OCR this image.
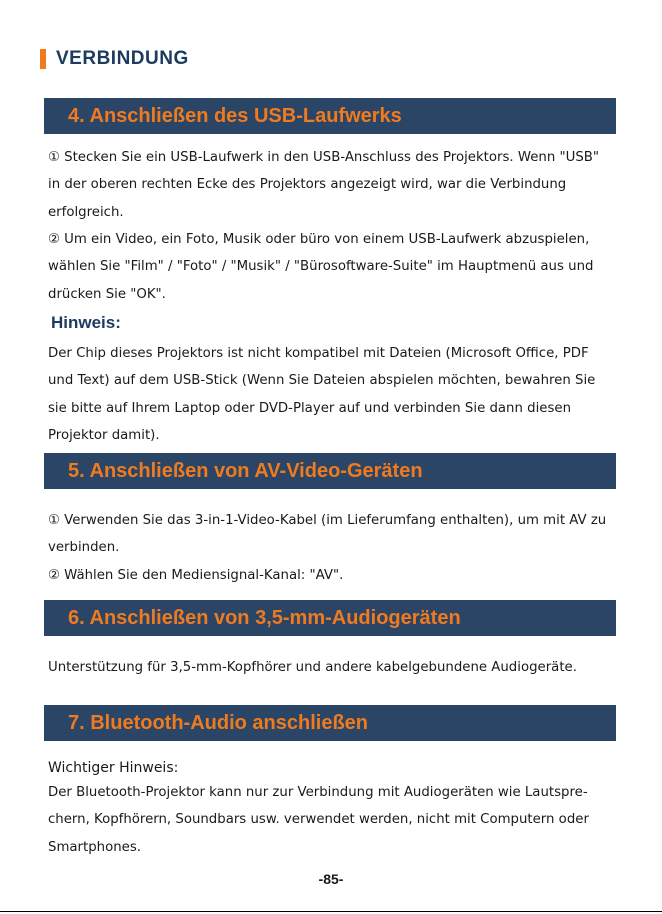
VERBINDUNG
4. Anschließen des USB-Laufwerks

① Stecken Sie ein USB-Laufwerk in den USB-Anschluss des Projektors. Wenn "USB"

in der oberen rechten Ecke des Projektors angezeigt wird, war die Verbindung

erfolgreich.

② Um ein Video, ein Foto, Musik oder büro von einem USB-Laufwerk abzuspielen,

wählen Sie "Film" / "Foto" / "Musik" / "Bürosoftware-Suite" im Hauptmenü aus und

drücken Sie "OK".

Hinweis:

Der Chip dieses Projektors ist nicht kompatibel mit Dateien (Microsoft Office, PDF

und Text) auf dem USB-Stick (Wenn Sie Dateien abspielen möchten, bewahren Sie

sie bitte auf Ihrem Laptop oder DVD-Player auf und verbinden Sie dann diesen

Projektor damit).

5. Anschließen von AV-Video-Geräten

① Verwenden Sie das 3-in-1-Video-Kabel (im Lieferumfang enthalten), um mit AV zu

verbinden.

② Wählen Sie den Mediensignal-Kanal: "AV".

6. Anschließen von 3,5-mm-Audiogeräten

Unterstützung für 3,5-mm-Kopfhörer und andere kabelgebundene Audiogeräte.

7. Bluetooth-Audio anschließen
Wichtiger Hinweis:

Der Bluetooth-Projektor kann nur zur Verbindung mit Audiogeräten wie Lautspre-

chern, Kopfhörern, Soundbars usw. verwendet werden, nicht mit Computern oder

Smartphones.

-85-
